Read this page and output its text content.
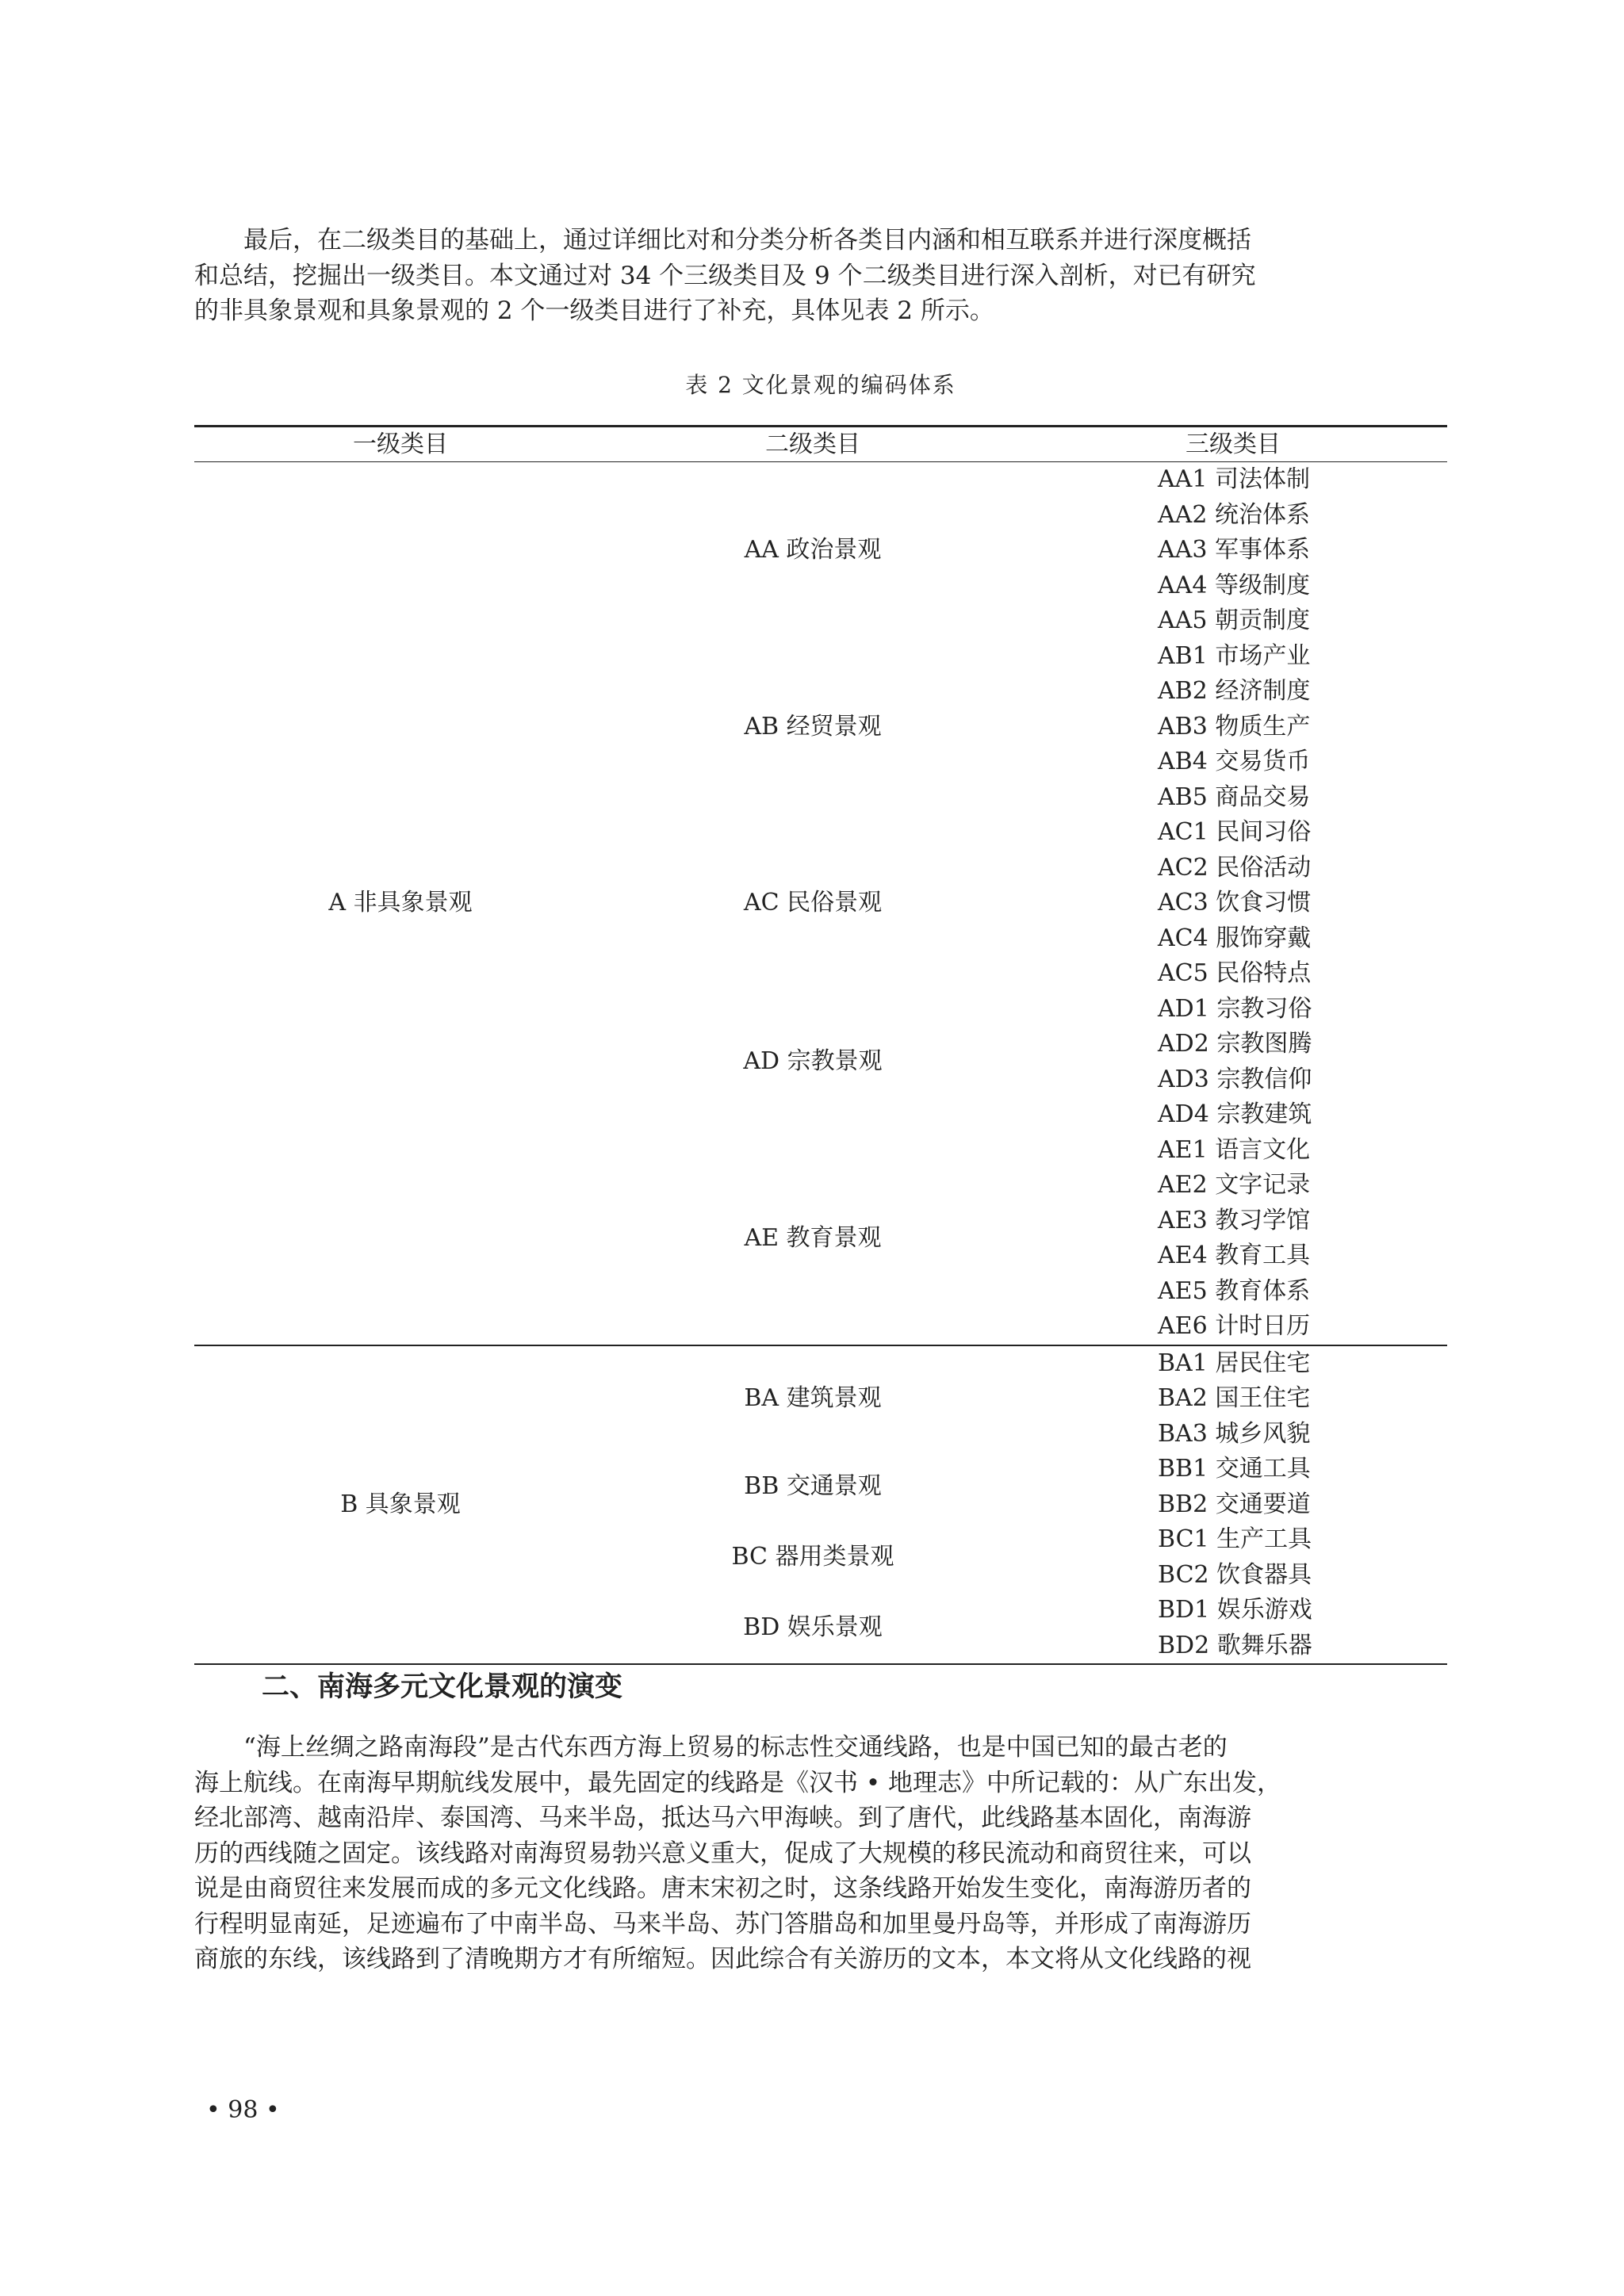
最后，在二级类目的基础上，通过详细比对和分类分析各类目内涵和相互联系并进行深度概括
和总结，挖掘出一级类目。本文通过对 34 个三级类目及 9 个二级类目进行深入剖析，对已有研究
的非具象景观和具象景观的 2 个一级类目进行了补充，具体见表 2 所示。
表 2 文化景观的编码体系
一级类目	二级类目	三级类目
A 非具象景观	AA 政治景观	AA1 司法体制
		AA2 统治体系
		AA3 军事体系
		AA4 等级制度
		AA5 朝贡制度
	AB 经贸景观	AB1 市场产业
		AB2 经济制度
		AB3 物质生产
		AB4 交易货币
		AB5 商品交易
	AC 民俗景观	AC1 民间习俗
		AC2 民俗活动
		AC3 饮食习惯
		AC4 服饰穿戴
		AC5 民俗特点
	AD 宗教景观	AD1 宗教习俗
		AD2 宗教图腾
		AD3 宗教信仰
		AD4 宗教建筑
	AE 教育景观	AE1 语言文化
		AE2 文字记录
		AE3 教习学馆
		AE4 教育工具
		AE5 教育体系
		AE6 计时日历
B 具象景观	BA 建筑景观	BA1 居民住宅
		BA2 国王住宅
		BA3 城乡风貌
	BB 交通景观	BB1 交通工具
		BB2 交通要道
	BC 器用类景观	BC1 生产工具
		BC2 饮食器具
	BD 娱乐景观	BD1 娱乐游戏
		BD2 歌舞乐器
二、南海多元文化景观的演变
“海上丝绸之路南海段”是古代东西方海上贸易的标志性交通线路，也是中国已知的最古老的
海上航线。在南海早期航线发展中，最先固定的线路是《汉书 • 地理志》中所记载的：从广东出发，
经北部湾、越南沿岸、泰国湾、马来半岛，抵达马六甲海峡。到了唐代，此线路基本固化，南海游
历的西线随之固定。该线路对南海贸易勃兴意义重大，促成了大规模的移民流动和商贸往来，可以
说是由商贸往来发展而成的多元文化线路。唐末宋初之时，这条线路开始发生变化，南海游历者的
行程明显南延，足迹遍布了中南半岛、马来半岛、苏门答腊岛和加里曼丹岛等，并形成了南海游历
商旅的东线，该线路到了清晚期方才有所缩短。因此综合有关游历的文本，本文将从文化线路的视
• 98 •
